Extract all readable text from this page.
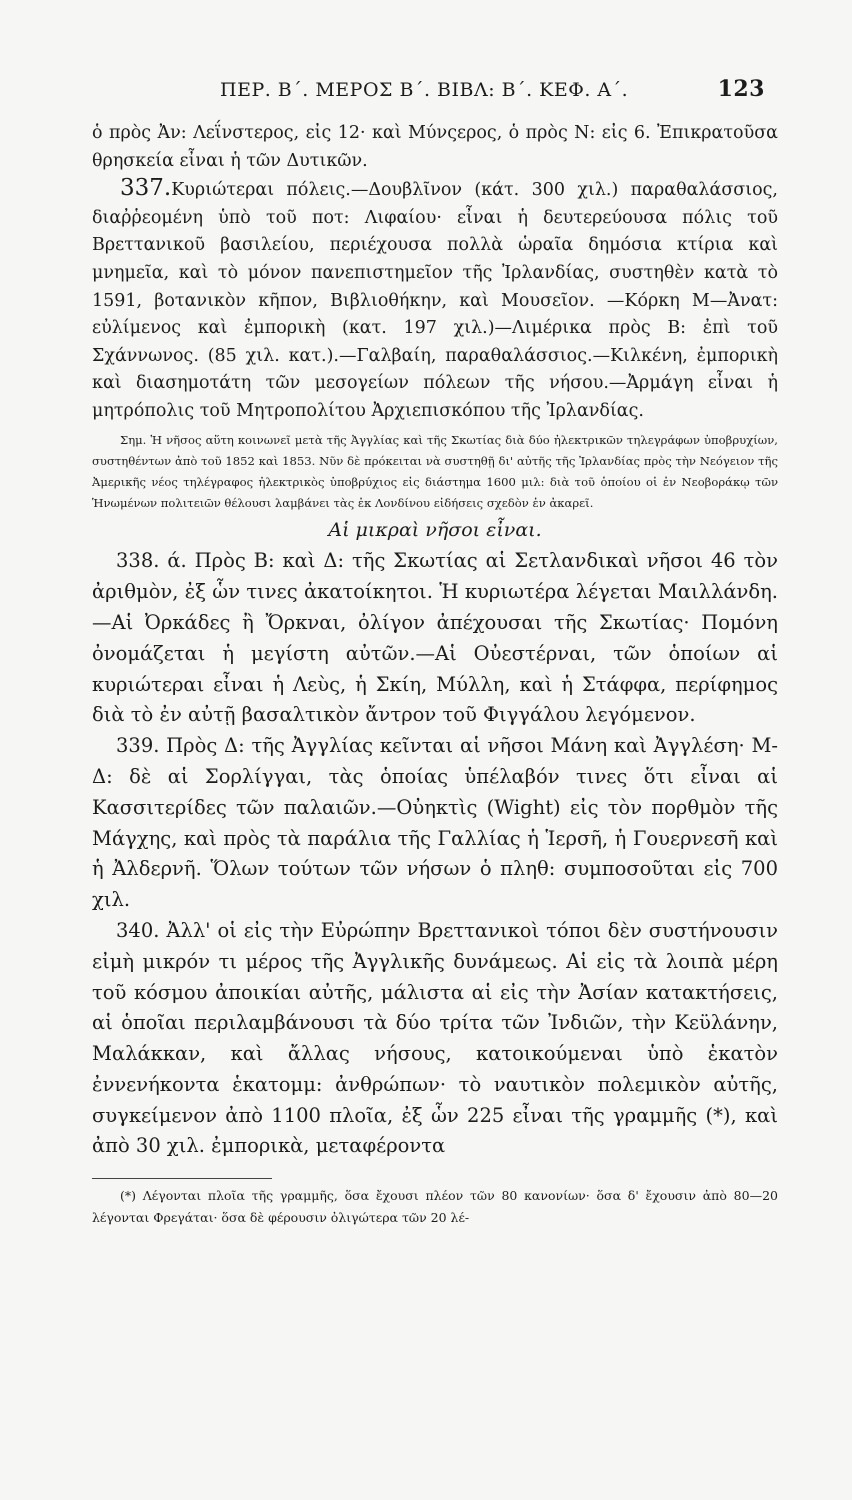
ΠΕΡ. Β΄. ΜΕΡΟΣ Β΄. ΒΙΒΛ: Β΄. ΚΕΦ. Α΄.	123

ὁ πρὸς Ἀν: Λεΐνστερος, εἰς 12· καὶ Μύνςερος, ὁ πρὸς Ν: εἰς 6. Ἐπικρατοῦσα θρησκεία εἶναι ἡ τῶν Δυτικῶν.

337.Κυριώτεραι πόλεις.—Δουβλῖνον (κάτ. 300 χιλ.) παραθαλάσσιος, διαῤῥεομένη ὑπὸ τοῦ ποτ: Λιφαίου· εἶναι ἡ δευτερεύουσα πόλις τοῦ Βρεττανικοῦ βασιλείου, περιέχουσα πολλὰ ὡραῖα δημόσια κτίρια καὶ μνημεῖα, καὶ τὸ μόνον πανεπιστημεῖον τῆς Ἰρλανδίας, συστηθὲν κατὰ τὸ 1591, βοτανικὸν κῆπον, Βιβλιοθήκην, καὶ Μουσεῖον. —Κόρκη Μ—Ἀνατ: εὐλίμενος καὶ ἐμπορικὴ (κατ. 197 χιλ.)—Λιμέρικα πρὸς Β: ἐπὶ τοῦ Σχάννωνος. (85 χιλ. κατ.).—Γαλβαίη, παραθαλάσσιος.—Κιλκένη, ἐμπορικὴ καὶ διασημοτάτη τῶν μεσογείων πόλεων τῆς νήσου.—Ἀρμάγη εἶναι ἡ μητρόπολις τοῦ Μητροπολίτου Ἀρχιεπισκόπου τῆς Ἰρλανδίας.

Σημ. Ἡ νῆσος αὕτη κοινωνεῖ μετὰ τῆς Ἀγγλίας καὶ τῆς Σκωτίας διὰ δύο ἠλεκτρικῶν τηλεγράφων ὑποβρυχίων, συστηθέντων ἀπὸ τοῦ 1852 καὶ 1853. Νῦν δὲ πρόκειται νὰ συστηθῇ δι' αὐτῆς τῆς Ἰρλανδίας πρὸς τὴν Νεόγειον τῆς Ἀμερικῆς νέος τηλέγραφος ἠλεκτρικὸς ὑποβρύχιος εἰς διάστημα 1600 μιλ: διὰ τοῦ ὁποίου οἱ ἐν Νεοβοράκῳ τῶν Ἡνωμένων πολιτειῶν θέλουσι λαμβάνει τὰς ἐκ Λονδίνου εἰδήσεις σχεδὸν ἐν ἀκαρεῖ.

Αἱ μικραὶ νῆσοι εἶναι.

338. ά. Πρὸς Β: καὶ Δ: τῆς Σκωτίας αἱ Σετλανδικαὶ νῆσοι 46 τὸν ἀριθμὸν, ἐξ ὧν τινες ἀκατοίκητοι. Ἡ κυριωτέρα λέγεται Μαιλλάνδη. —Αἱ Ὀρκάδες ἢ Ὄρκναι, ὀλίγον ἀπέχουσαι τῆς Σκωτίας· Πομόνη ὀνομάζεται ἡ μεγίστη αὐτῶν.—Αἱ Οὐεστέρναι, τῶν ὁποίων αἱ κυριώτεραι εἶναι ἡ Λεὺς, ἡ Σκίη, Μύλλη, καὶ ἡ Στάφφα, περίφημος διὰ τὸ ἐν αὐτῇ βασαλτικὸν ἄντρον τοῦ Φιγγάλου λεγόμενον.

339. Πρὸς Δ: τῆς Ἀγγλίας κεῖνται αἱ νῆσοι Μάνη καὶ Ἀγγλέση· Μ-Δ: δὲ αἱ Σορλίγγαι, τὰς ὁποίας ὑπέλαβόν τινες ὅτι εἶναι αἱ Κασσιτερίδες τῶν παλαιῶν.—Οὐηκτὶς (Wight) εἰς τὸν πορθμὸν τῆς Μάγχης, καὶ πρὸς τὰ παράλια τῆς Γαλλίας ἡ Ἱερσῆ, ἡ Γουερνεσῆ καὶ ἡ Ἀλδερνῆ. Ὅλων τούτων τῶν νήσων ὁ πληθ: συμποσοῦται εἰς 700 χιλ.

340. Ἀλλ' οἱ εἰς τὴν Εὐρώπην Βρεττανικοὶ τόποι δὲν συστήνουσιν εἰμὴ μικρόν τι μέρος τῆς Ἀγγλικῆς δυνάμεως. Αἱ εἰς τὰ λοιπὰ μέρη τοῦ κόσμου ἀποικίαι αὐτῆς, μάλιστα αἱ εἰς τὴν Ἀσίαν κατακτήσεις, αἱ ὁποῖαι περιλαμβάνουσι τὰ δύο τρίτα τῶν Ἰνδιῶν, τὴν Κεϋλάνην, Μαλάκκαν, καὶ ἄλλας νήσους, κατοικούμεναι ὑπὸ ἑκατὸν ἐννενήκοντα ἑκατομμ: ἀνθρώπων· τὸ ναυτικὸν πολεμικὸν αὐτῆς, συγκείμενον ἀπὸ 1100 πλοῖα, ἐξ ὧν 225 εἶναι τῆς γραμμῆς (*), καὶ ἀπὸ 30 χιλ. ἐμπορικὰ, μεταφέροντα

(*) Λέγονται πλοῖα τῆς γραμμῆς, ὅσα ἔχουσι πλέον τῶν 80 κανονίων· ὅσα δ' ἔχουσιν ἀπὸ 80—20 λέγονται Φρεγάται· ὅσα δὲ φέρουσιν ὀλιγώτερα τῶν 20 λέ-
